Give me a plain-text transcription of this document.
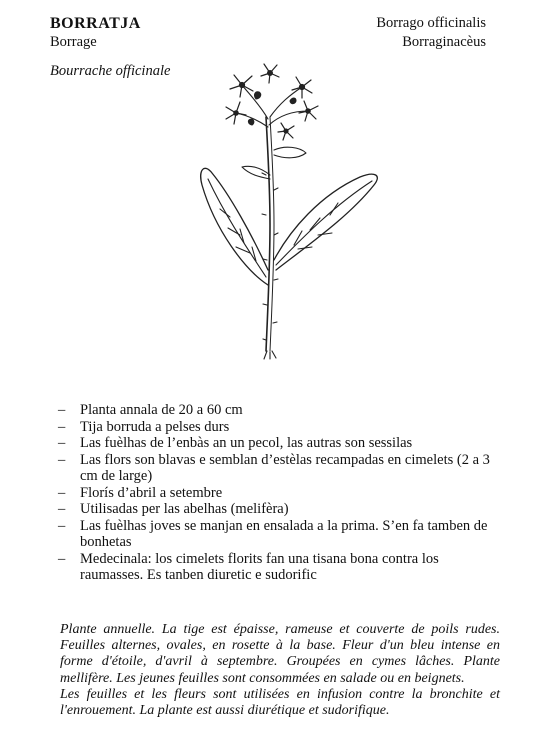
BORRATJA
Borrage
Bourrache officinale
Borrago officinalis
Borraginacèus
– Planta annala de 20 a 60 cm
– Tija borruda a pelses durs
– Las fuèlhas de l’enbàs an un pecol, las autras son sessilas
– Las flors son blavas e semblan d’estèlas recampadas en cimelets (2 a 3 cm de large)
– Florís d’abril a setembre
– Utilisadas per las abelhas (melifèra)
– Las fuèlhas joves se manjan en ensalada a la prima. S’en fa tamben de bonhetas
– Medecinala: los cimelets florits fan una tisana bona contra los raumasses. Es tanben diuretic e sudorific

Plante annuelle. La tige est épaisse, rameuse et couverte de poils rudes. Feuilles alternes, ovales, en rosette à la base. Fleur d'un bleu intense en forme d'étoile, d'avril à septembre. Groupées en cymes lâches. Plante mellifère. Les jeunes feuilles sont consommées en salade ou en beignets.

Les feuilles et les fleurs sont utilisées en infusion contre la bronchite et l'enrouement. La plante est aussi diurétique et sudorifique.
